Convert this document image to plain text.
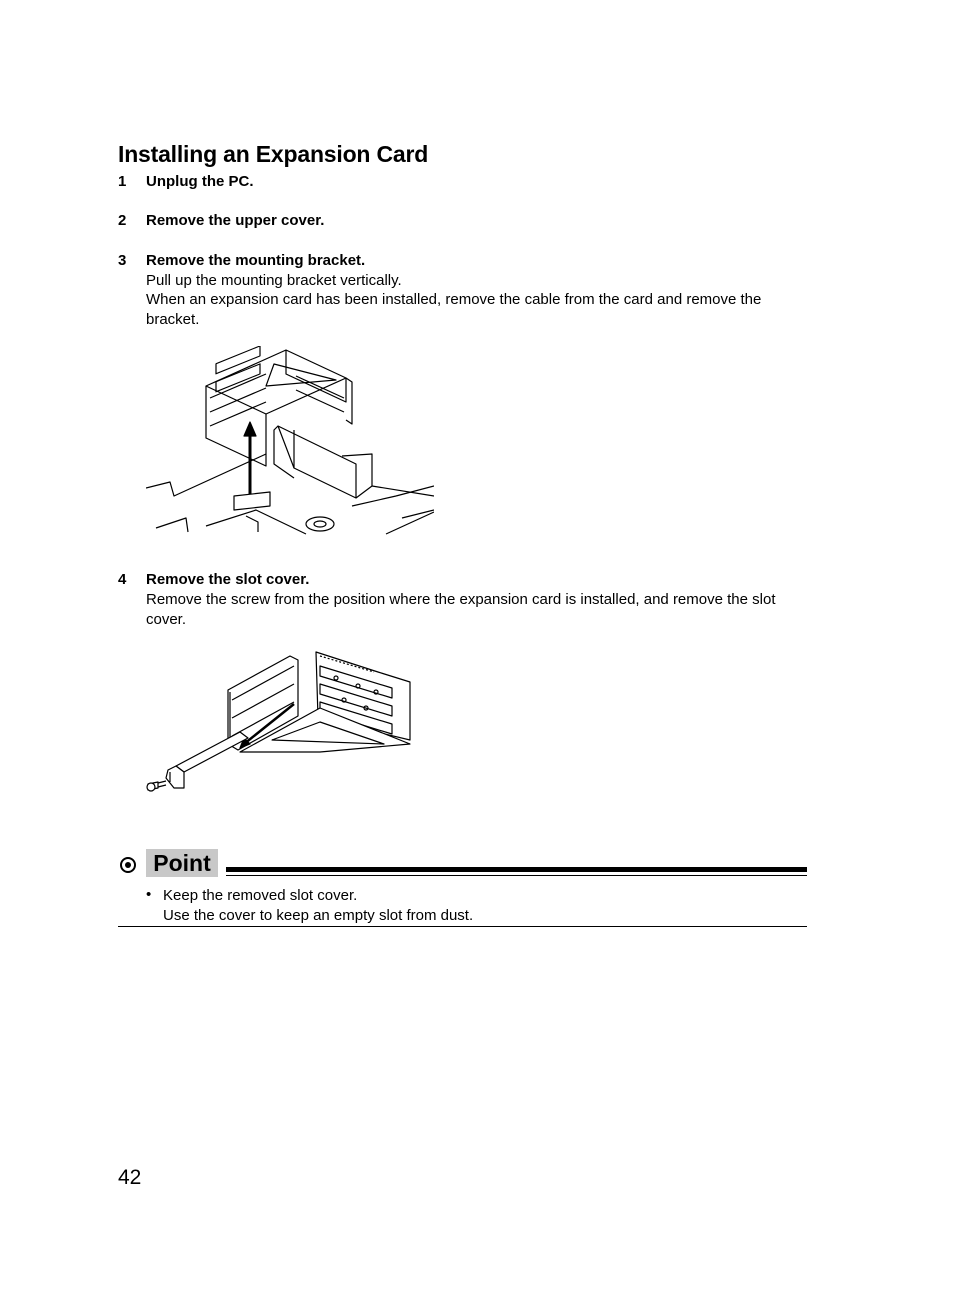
Installing an Expansion Card
1 Unplug the PC.
2 Remove the upper cover.
3 Remove the mounting bracket.
Pull up the mounting bracket vertically.
When an expansion card has been installed, remove the cable from the card and remove the bracket.
4 Remove the slot cover.
Remove the screw from the position where the expansion card is installed, and remove the slot cover.
Point
• Keep the removed slot cover.
Use the cover to keep an empty slot from dust.
42
